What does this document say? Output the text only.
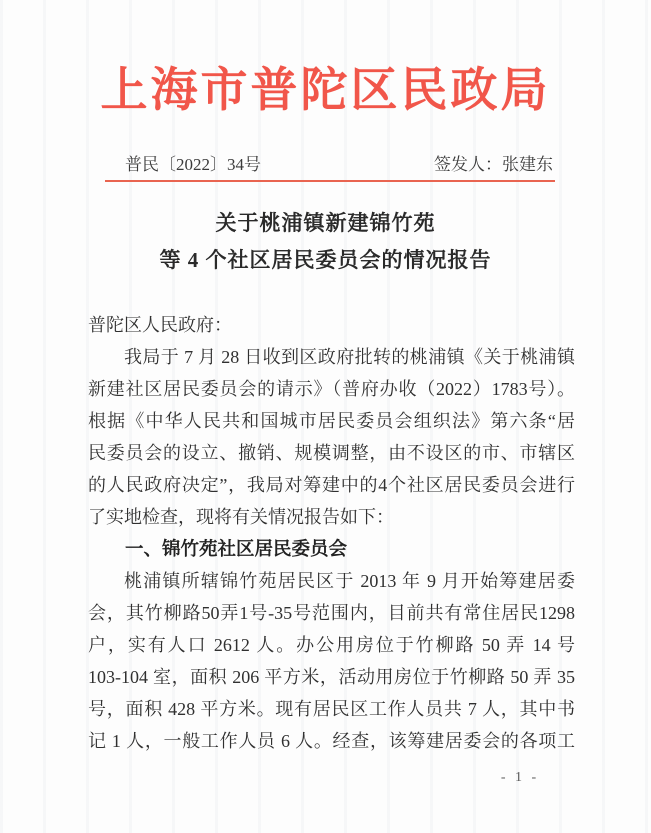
上海市普陀区民政局
普民〔2022〕34号	签发人：张建东
关于桃浦镇新建锦竹苑
等 4 个社区居民委员会的情况报告
普陀区人民政府：
我局于 7 月 28 日收到区政府批转的桃浦镇《关于桃浦镇
新建社区居民委员会的请示》（普府办收（2022）1783号）。
根据《中华人民共和国城市居民委员会组织法》第六条“居
民委员会的设立、撤销、规模调整，由不设区的市、市辖区
的人民政府决定”，我局对筹建中的4个社区居民委员会进行
了实地检查，现将有关情况报告如下：
一、锦竹苑社区居民委员会
桃浦镇所辖锦竹苑居民区于 2013 年 9 月开始筹建居委
会，其竹柳路50弄1号-35号范围内，目前共有常住居民1298
户，实有人口 2612 人。办公用房位于竹柳路 50 弄 14 号
103-104 室，面积 206 平方米，活动用房位于竹柳路 50 弄 35
号，面积 428 平方米。现有居民区工作人员共 7 人，其中书
记 1 人，一般工作人员 6 人。经查，该筹建居委会的各项工
- 1 -
